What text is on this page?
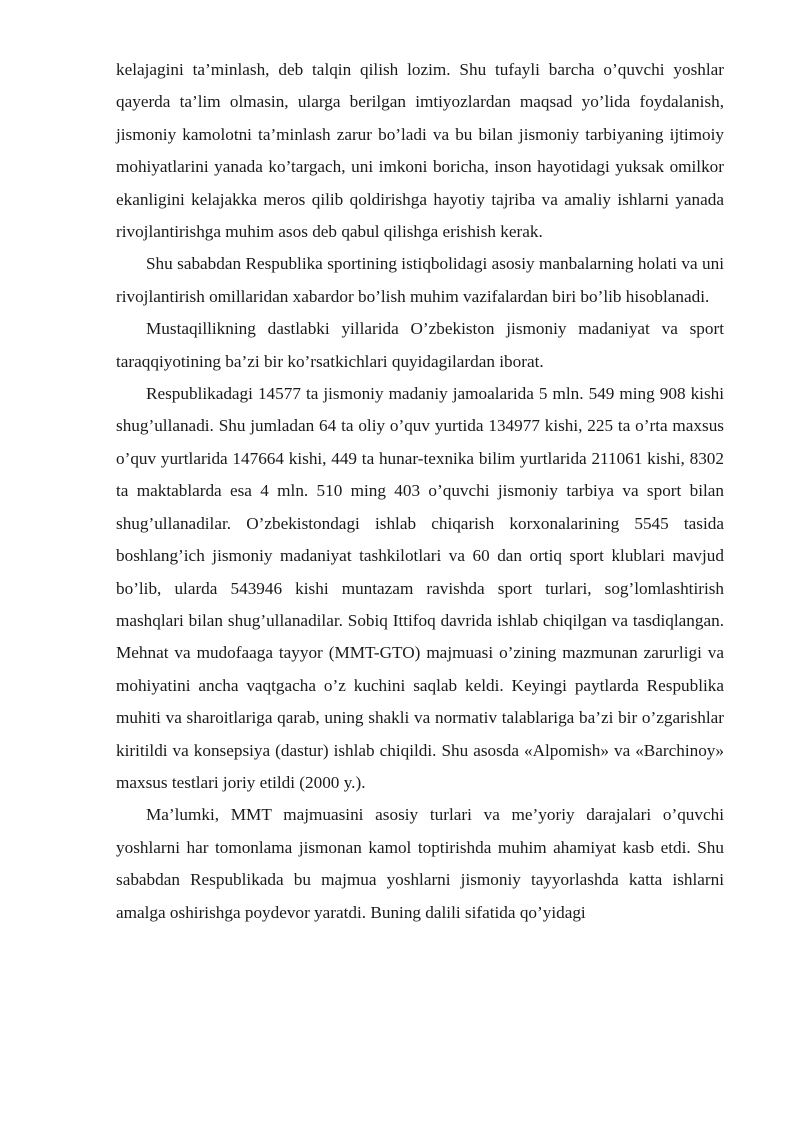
kelajagini ta’minlash, deb talqin qilish lozim. Shu tufayli barcha o’quvchi yoshlar qayerda ta’lim olmasin, ularga berilgan imtiyozlardan maqsad yo’lida foydalanish, jismoniy kamolotni ta’minlash zarur bo’ladi va bu bilan jismoniy tarbiyaning ijtimoiy mohiyatlarini yanada ko’targach, uni imkoni boricha, inson hayotidagi yuksak omilkor ekanligini kelajakka meros qilib qoldirishga hayotiy tajriba va amaliy ishlarni yanada rivojlantirishga muhim asos deb qabul qilishga erishish kerak.

Shu sababdan Respublika sportining istiqbolidagi asosiy manbalarning holati va uni rivojlantirish omillaridan xabardor bo’lish muhim vazifalardan biri bo’lib hisoblanadi.

Mustaqillikning dastlabki yillarida O’zbekiston jismoniy madaniyat va sport taraqqiyotining ba’zi bir ko’rsatkichlari quyidagilardan iborat.

Respublikadagi 14577 ta jismoniy madaniy jamoalarida 5 mln. 549 ming 908 kishi shug’ullanadi. Shu jumladan 64 ta oliy o’quv yurtida 134977 kishi, 225 ta o’rta maxsus o’quv yurtlarida 147664 kishi, 449 ta hunar-texnika bilim yurtlarida 211061 kishi, 8302 ta maktablarda esa 4 mln. 510 ming 403 o’quvchi jismoniy tarbiya va sport bilan shug’ullanadilar. O’zbekistondagi ishlab chiqarish korxonalarining 5545 tasida boshlang’ich jismoniy madaniyat tashkilotlari va 60 dan ortiq sport klublari mavjud bo’lib, ularda 543946 kishi muntazam ravishda sport turlari, sog’lomlashtirish mashqlari bilan shug’ullanadilar. Sobiq Ittifoq davrida ishlab chiqilgan va tasdiqlangan. Mehnat va mudofaaga tayyor (MMT-GTO) majmuasi o’zining mazmunan zarurligi va mohiyatini ancha vaqtgacha o’z kuchini saqlab keldi. Keyingi paytlarda Respublika muhiti va sharoitlariga qarab, uning shakli va normativ talablariga ba’zi bir o’zgarishlar kiritildi va konsepsiya (dastur) ishlab chiqildi. Shu asosda «Alpomish» va «Barchinoy» maxsus testlari joriy etildi (2000 y.).

Ma’lumki, MMT majmuasini asosiy turlari va me’yoriy darajalari o’quvchi yoshlarni har tomonlama jismonan kamol toptirishda muhim ahamiyat kasb etdi. Shu sababdan Respublikada bu majmua yoshlarni jismoniy tayyorlashda katta ishlarni amalga oshirishga poydevor yaratdi. Buning dalili sifatida qo’yidagi
